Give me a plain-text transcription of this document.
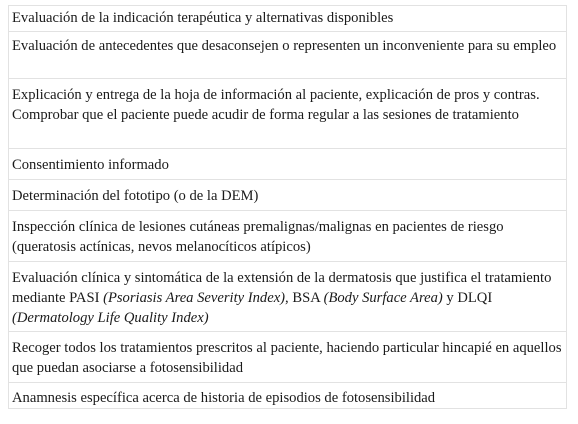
Evaluación de la indicación terapéutica y alternativas disponibles
Evaluación de antecedentes que desaconsejen o representen un inconveniente para su empleo
Explicación y entrega de la hoja de información al paciente, explicación de pros y contras. Comprobar que el paciente puede acudir de forma regular a las sesiones de tratamiento
Consentimiento informado
Determinación del fototipo (o de la DEM)
Inspección clínica de lesiones cutáneas premalignas/malignas en pacientes de riesgo (queratosis actínicas, nevos melanocíticos atípicos)
Evaluación clínica y sintomática de la extensión de la dermatosis que justifica el tratamiento mediante PASI (Psoriasis Area Severity Index), BSA (Body Surface Area) y DLQI (Dermatology Life Quality Index)
Recoger todos los tratamientos prescritos al paciente, haciendo particular hincapié en aquellos que puedan asociarse a fotosensibilidad
Anamnesis específica acerca de historia de episodios de fotosensibilidad
